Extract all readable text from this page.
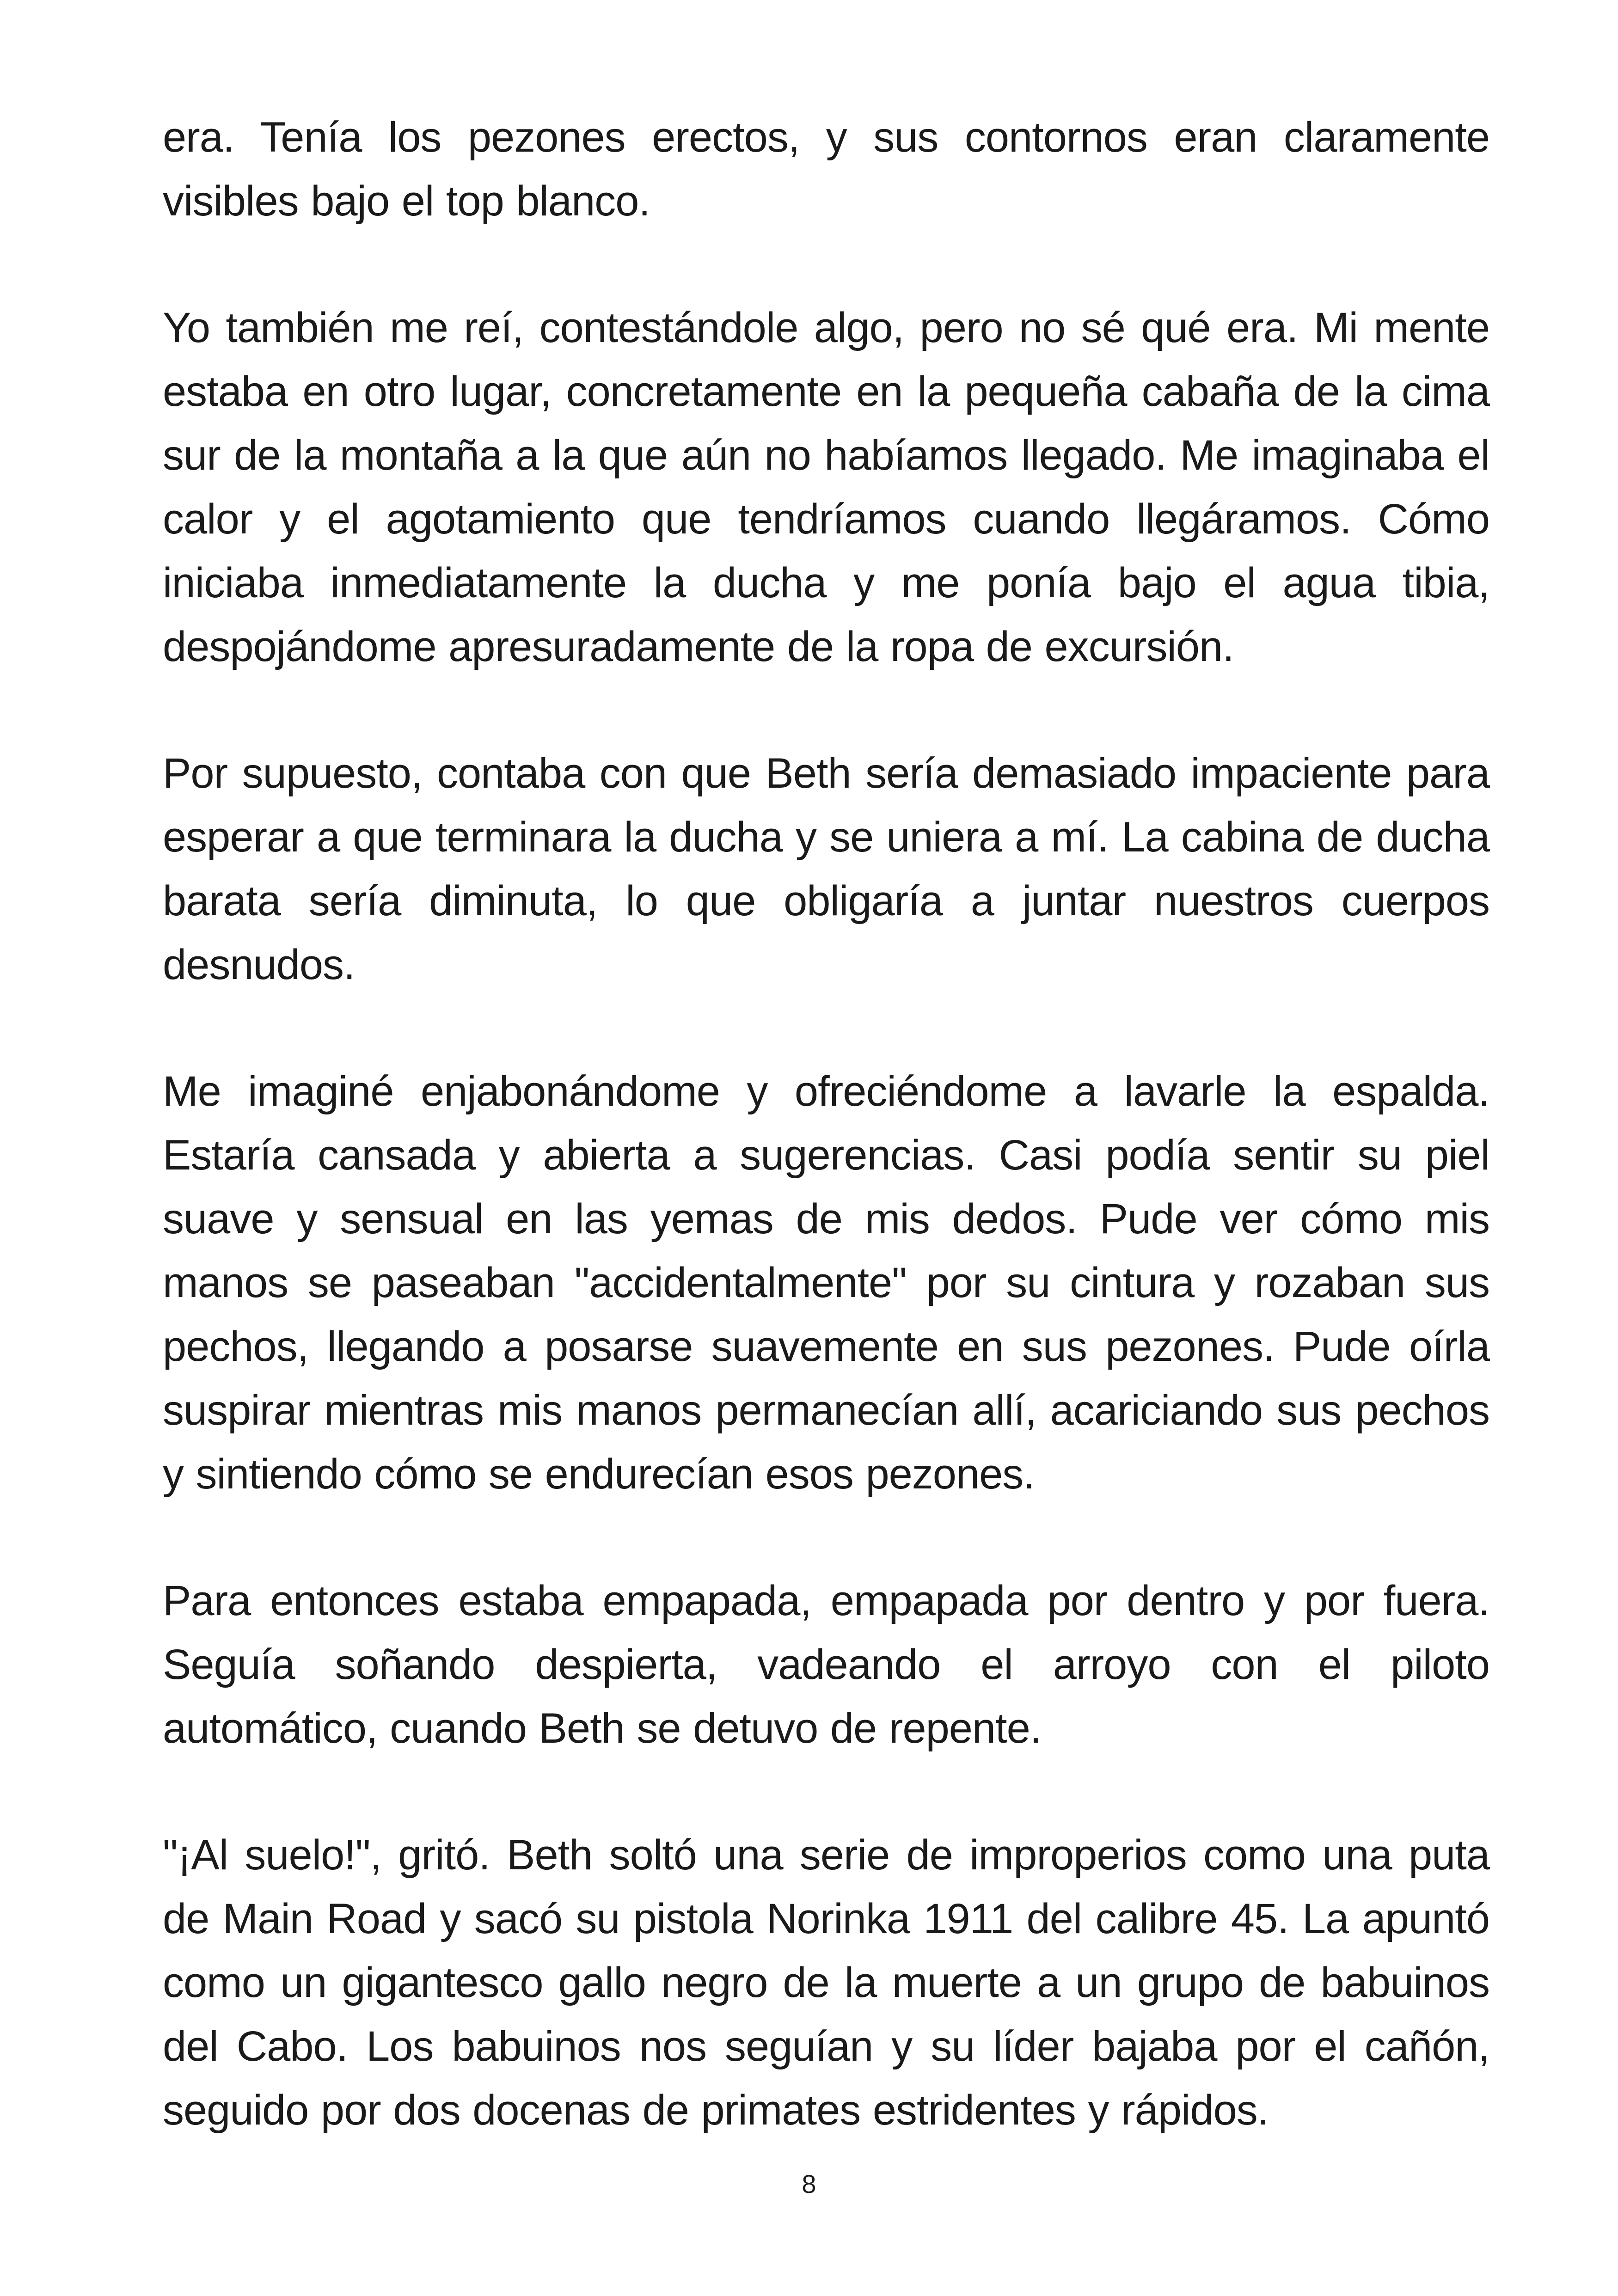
era. Tenía los pezones erectos, y sus contornos eran claramente visibles bajo el top blanco.

Yo también me reí, contestándole algo, pero no sé qué era. Mi mente estaba en otro lugar, concretamente en la pequeña cabaña de la cima sur de la montaña a la que aún no habíamos llegado. Me imaginaba el calor y el agotamiento que tendríamos cuando llegáramos. Cómo iniciaba inmediatamente la ducha y me ponía bajo el agua tibia, despojándome apresuradamente de la ropa de excursión.

Por supuesto, contaba con que Beth sería demasiado impaciente para esperar a que terminara la ducha y se uniera a mí. La cabina de ducha barata sería diminuta, lo que obligaría a juntar nuestros cuerpos desnudos.

Me imaginé enjabonándome y ofreciéndome a lavarle la espalda. Estaría cansada y abierta a sugerencias. Casi podía sentir su piel suave y sensual en las yemas de mis dedos. Pude ver cómo mis manos se paseaban "accidentalmente" por su cintura y rozaban sus pechos, llegando a posarse suavemente en sus pezones. Pude oírla suspirar mientras mis manos permanecían allí, acariciando sus pechos y sintiendo cómo se endurecían esos pezones.

Para entonces estaba empapada, empapada por dentro y por fuera. Seguía soñando despierta, vadeando el arroyo con el piloto automático, cuando Beth se detuvo de repente.

"¡Al suelo!", gritó. Beth soltó una serie de improperios como una puta de Main Road y sacó su pistola Norinka 1911 del calibre 45. La apuntó como un gigantesco gallo negro de la muerte a un grupo de babuinos del Cabo. Los babuinos nos seguían y su líder bajaba por el cañón, seguido por dos docenas de primates estridentes y rápidos.

8
